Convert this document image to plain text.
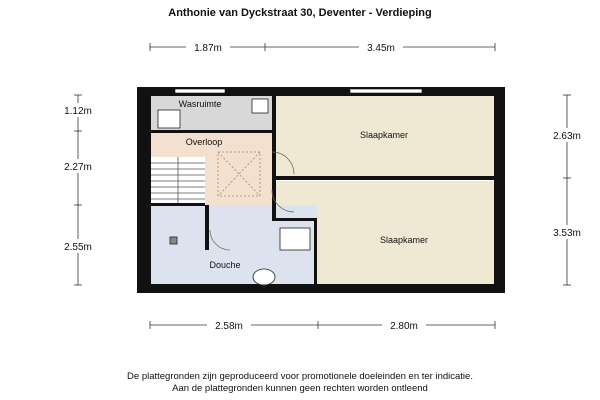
Anthonie van Dyckstraat 30, Deventer - Verdieping
Wasruimte
Overloop
Slaapkamer
Slaapkamer
Douche
1.87m	3.45m
2.58m	2.80m
1.12m
2.27m
2.55m
2.63m
3.53m
De plattegronden zijn geproduceerd voor promotionele doeleinden en ter indicatie.
Aan de plattegronden kunnen geen rechten worden ontleend
